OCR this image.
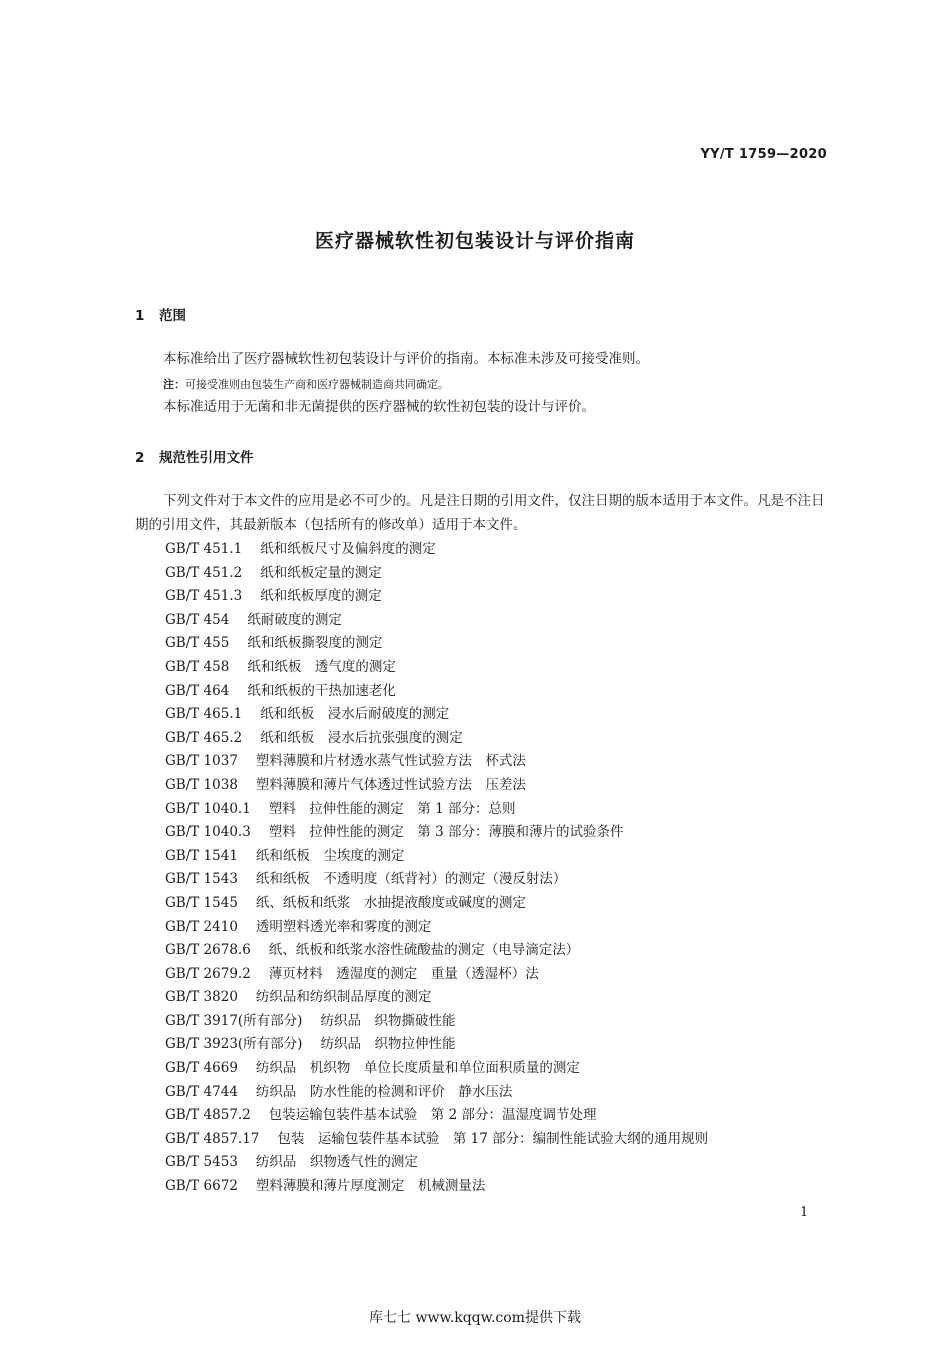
YY/T 1759—2020
医疗器械软性初包装设计与评价指南
1 范围
本标准给出了医疗器械软性初包装设计与评价的指南。本标准未涉及可接受准则。
注：可接受准则由包装生产商和医疗器械制造商共同确定。
本标准适用于无菌和非无菌提供的医疗器械的软性初包装的设计与评价。
2 规范性引用文件
下列文件对于本文件的应用是必不可少的。凡是注日期的引用文件，仅注日期的版本适用于本文件。凡是不注日期的引用文件，其最新版本（包括所有的修改单）适用于本文件。
GB/T 451.1 纸和纸板尺寸及偏斜度的测定
GB/T 451.2 纸和纸板定量的测定
GB/T 451.3 纸和纸板厚度的测定
GB/T 454 纸耐破度的测定
GB/T 455 纸和纸板撕裂度的测定
GB/T 458 纸和纸板　透气度的测定
GB/T 464 纸和纸板的干热加速老化
GB/T 465.1 纸和纸板　浸水后耐破度的测定
GB/T 465.2 纸和纸板　浸水后抗张强度的测定
GB/T 1037 塑料薄膜和片材透水蒸气性试验方法　杯式法
GB/T 1038 塑料薄膜和薄片气体透过性试验方法　压差法
GB/T 1040.1 塑料　拉伸性能的测定　第 1 部分：总则
GB/T 1040.3 塑料　拉伸性能的测定　第 3 部分：薄膜和薄片的试验条件
GB/T 1541 纸和纸板　尘埃度的测定
GB/T 1543 纸和纸板　不透明度（纸背衬）的测定（漫反射法）
GB/T 1545 纸、纸板和纸浆　水抽提液酸度或碱度的测定
GB/T 2410 透明塑料透光率和雾度的测定
GB/T 2678.6 纸、纸板和纸浆水溶性硫酸盐的测定（电导滴定法）
GB/T 2679.2 薄页材料　透湿度的测定　重量（透湿杯）法
GB/T 3820 纺织品和纺织制品厚度的测定
GB/T 3917(所有部分) 纺织品　织物撕破性能
GB/T 3923(所有部分) 纺织品　织物拉伸性能
GB/T 4669 纺织品　机织物　单位长度质量和单位面积质量的测定
GB/T 4744 纺织品　防水性能的检测和评价　静水压法
GB/T 4857.2 包装运输包装件基本试验　第 2 部分：温湿度调节处理
GB/T 4857.17 包装　运输包装件基本试验　第 17 部分：编制性能试验大纲的通用规则
GB/T 5453 纺织品　织物透气性的测定
GB/T 6672 塑料薄膜和薄片厚度测定　机械测量法
1
库七七 www.kqqw.com提供下载
